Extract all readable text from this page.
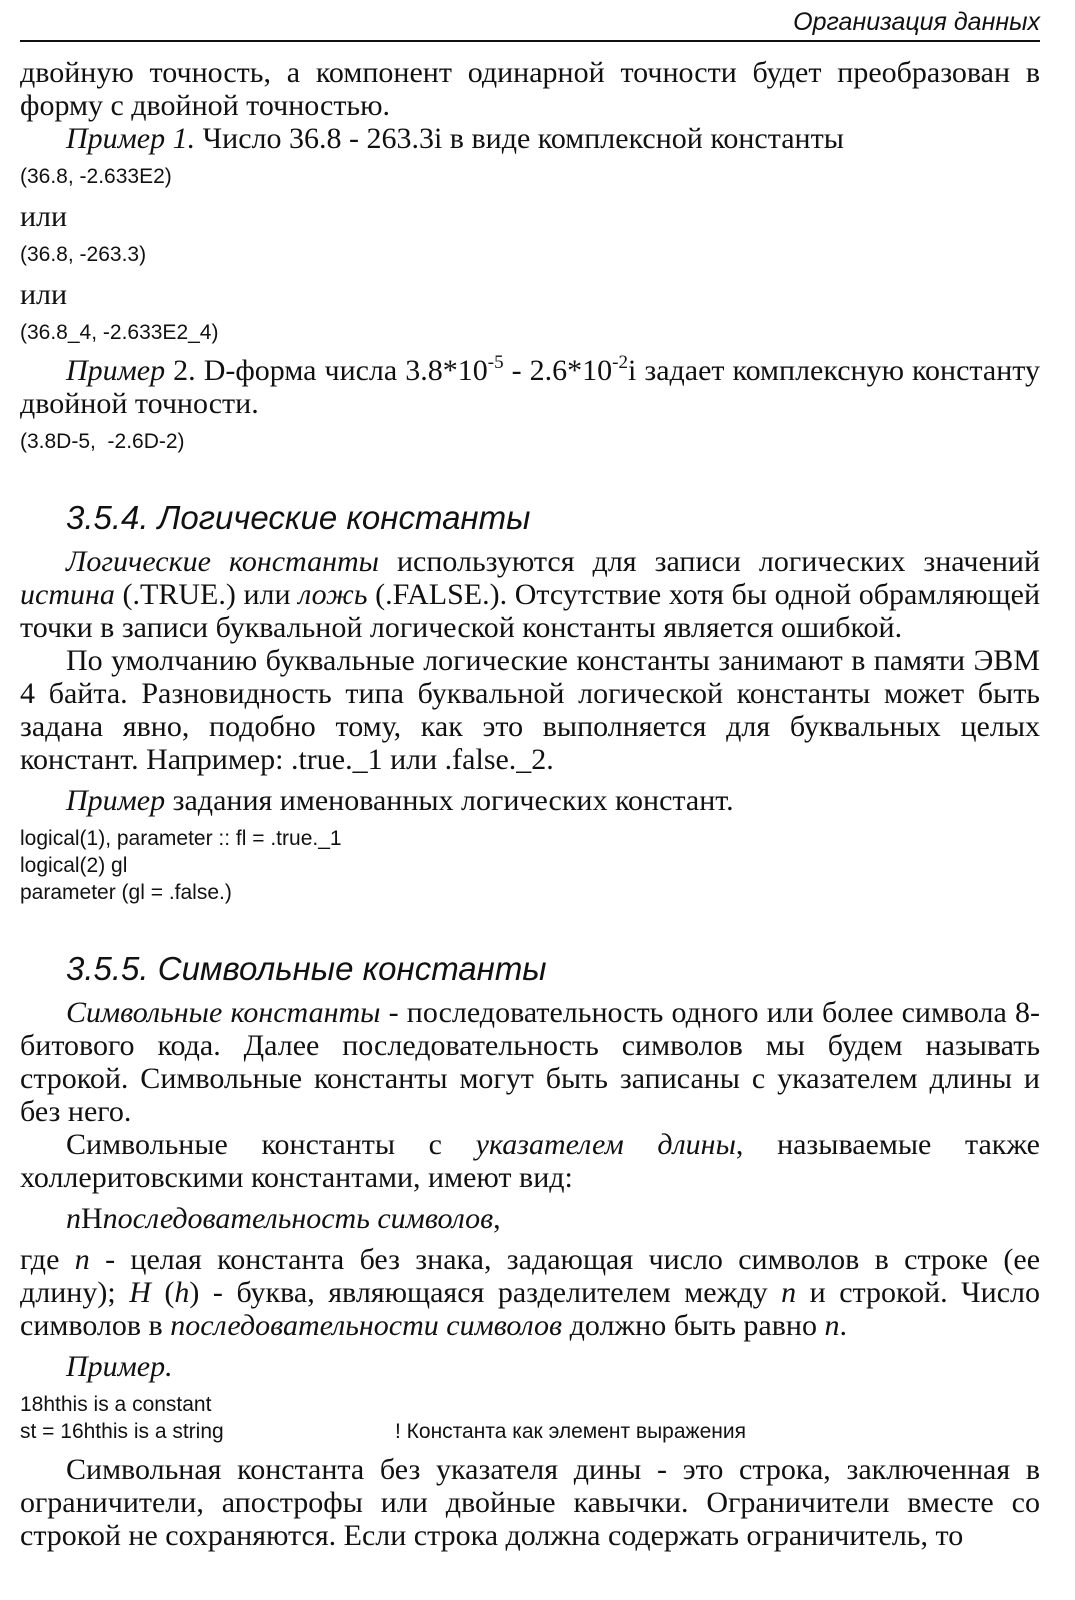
Организация данных

двойную точность, а компонент одинарной точности будет преобразован в форму с двойной точностью.

Пример 1. Число 36.8 - 263.3i в виде комплексной константы

(36.8, -2.633E2)
или
(36.8, -263.3)
или
(36.8_4, -2.633E2_4)

Пример 2. D-форма числа $3.8*10^{-5} - 2.6*10^{-2}i$ задает комплексную константу двойной точности.

(3.8D-5,  -2.6D-2)
3.5.4. Логические константы

Логические константы используются для записи логических значений истина (.TRUE.) или ложь (.FALSE.). Отсутствие хотя бы одной обрамляющей точки в записи буквальной логической константы является ошибкой.

По умолчанию буквальные логические константы занимают в памяти ЭВМ 4 байта. Разновидность типа буквальной логической константы может быть задана явно, подобно тому, как это выполняется для буквальных целых констант. Например: .true._1 или .false._2.

Пример задания именованных логических констант.

logical(1), parameter :: fl = .true._1
logical(2) gl
parameter (gl = .false.)
3.5.5. Символьные константы

Символьные константы - последовательность одного или более символа 8-битового кода. Далее последовательность символов мы будем называть строкой. Символьные константы могут быть записаны с указателем длины и без него.

Символьные константы с указателем длины, называемые также холлеритовскими константами, имеют вид:

nHпоследовательность символов,

где n - целая константа без знака, задающая число символов в строке (ее длину); H (h) - буква, являющаяся разделителем между n и строкой. Число символов в последовательности символов должно быть равно n.

Пример.

18hthis is a constant
st = 16hthis is a string	! Константа как элемент выражения

Символьная константа без указателя дины - это строка, заключенная в ограничители, апострофы или двойные кавычки. Ограничители вместе со строкой не сохраняются. Если строка должна содержать ограничитель, то
